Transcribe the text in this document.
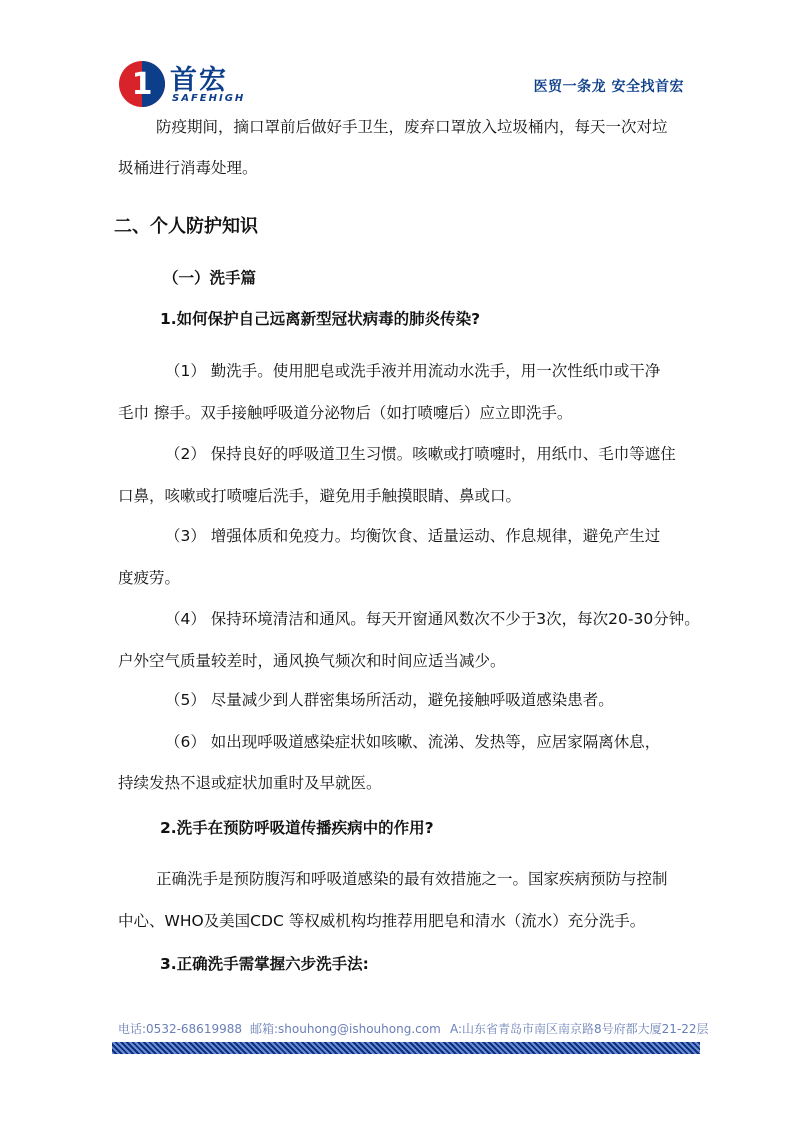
1 首宏
SAFEHIGH
医贸一条龙 安全找首宏
防疫期间，摘口罩前后做好手卫生，废弃口罩放入垃圾桶内，每天一次对垃
圾桶进行消毒处理。
二、个人防护知识
（一）洗手篇
1.如何保护自己远离新型冠状病毒的肺炎传染?
（1） 勤洗手。使用肥皂或洗手液并用流动水洗手，用一次性纸巾或干净
毛巾 擦手。双手接触呼吸道分泌物后（如打喷嚏后）应立即洗手。
（2） 保持良好的呼吸道卫生习惯。咳嗽或打喷嚏时，用纸巾、毛巾等遮住
口鼻，咳嗽或打喷嚏后洗手，避免用手触摸眼睛、鼻或口。
（3） 增强体质和免疫力。均衡饮食、适量运动、作息规律，避免产生过
度疲劳。
（4） 保持环境清洁和通风。每天开窗通风数次不少于3次，每次20-30分钟。
户外空气质量较差时，通风换气频次和时间应适当减少。
（5） 尽量减少到人群密集场所活动，避免接触呼吸道感染患者。
（6） 如出现呼吸道感染症状如咳嗽、流涕、发热等，应居家隔离休息，
持续发热不退或症状加重时及早就医。
2.洗手在预防呼吸道传播疾病中的作用?
正确洗手是预防腹泻和呼吸道感染的最有效措施之一。国家疾病预防与控制
中心、WHO及美国CDC 等权威机构均推荐用肥皂和清水（流水）充分洗手。
3.正确洗手需掌握六步洗手法:
电话:0532-68619988 邮箱:shouhong@ishouhong.com A:山东省青岛市南区南京路8号府都大厦21-22层
